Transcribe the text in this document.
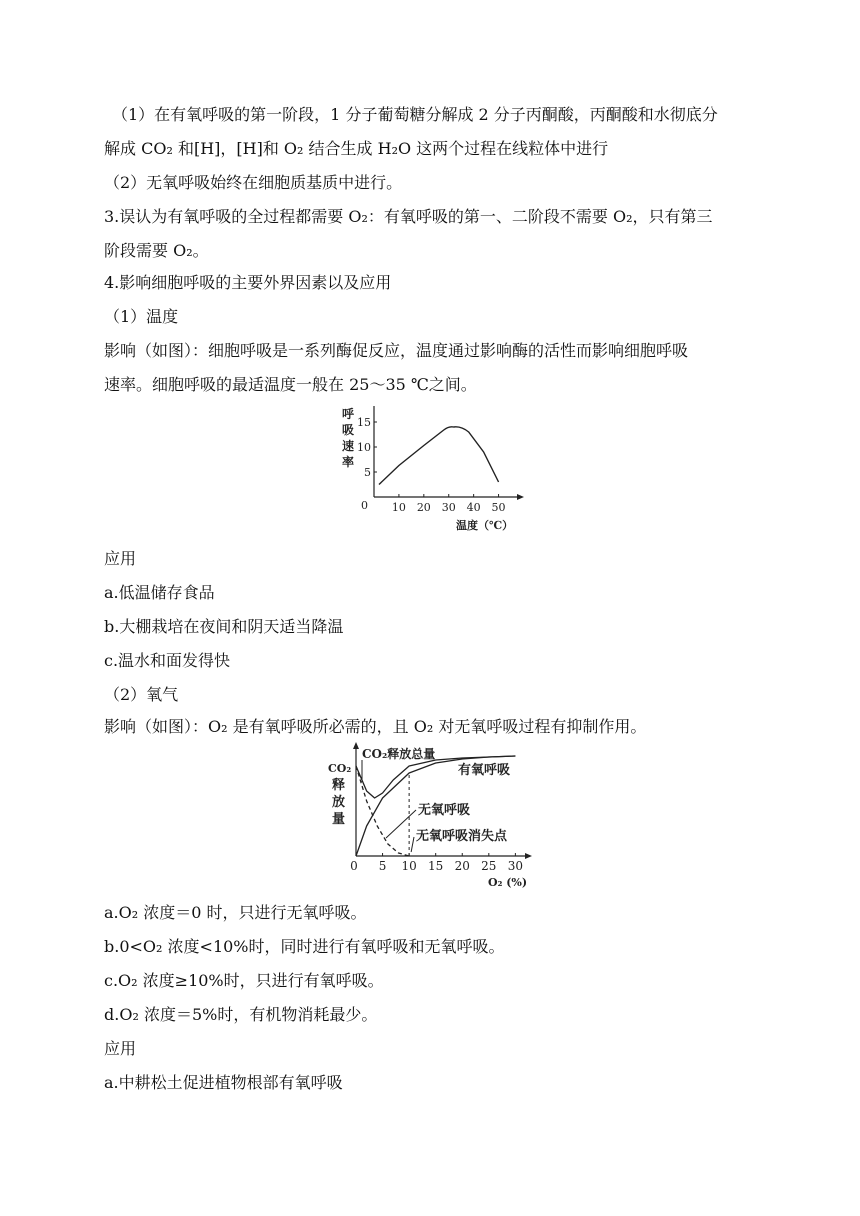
（1）在有氧呼吸的第一阶段，1 分子葡萄糖分解成 2 分子丙酮酸，丙酮酸和水彻底分
解成 CO₂ 和[H]，[H]和 O₂ 结合生成 H₂O 这两个过程在线粒体中进行
（2）无氧呼吸始终在细胞质基质中进行。
3.误认为有氧呼吸的全过程都需要 O₂：有氧呼吸的第一、二阶段不需要 O₂，只有第三
阶段需要 O₂。
4.影响细胞呼吸的主要外界因素以及应用
（1）温度
影响（如图）：细胞呼吸是一系列酶促反应，温度通过影响酶的活性而影响细胞呼吸
速率。细胞呼吸的最适温度一般在 25～35 ℃之间。
10 20 30 40 50
5
10
15
0
呼
吸
速
率
温度（℃）
应用
a.低温储存食品
b.大棚栽培在夜间和阴天适当降温
c.温水和面发得快
（2）氧气
影响（如图）：O₂ 是有氧呼吸所必需的，且 O₂ 对无氧呼吸过程有抑制作用。
5 10 15 20 25 30
0
CO₂
释
放
量
O₂ (%)
CO₂释放总量
有氧呼吸
无氧呼吸
无氧呼吸消失点
a.O₂ 浓度＝0 时，只进行无氧呼吸。
b.0<O₂ 浓度<10%时，同时进行有氧呼吸和无氧呼吸。
c.O₂ 浓度≥10%时，只进行有氧呼吸。
d.O₂ 浓度＝5%时，有机物消耗最少。
应用
a.中耕松土促进植物根部有氧呼吸
